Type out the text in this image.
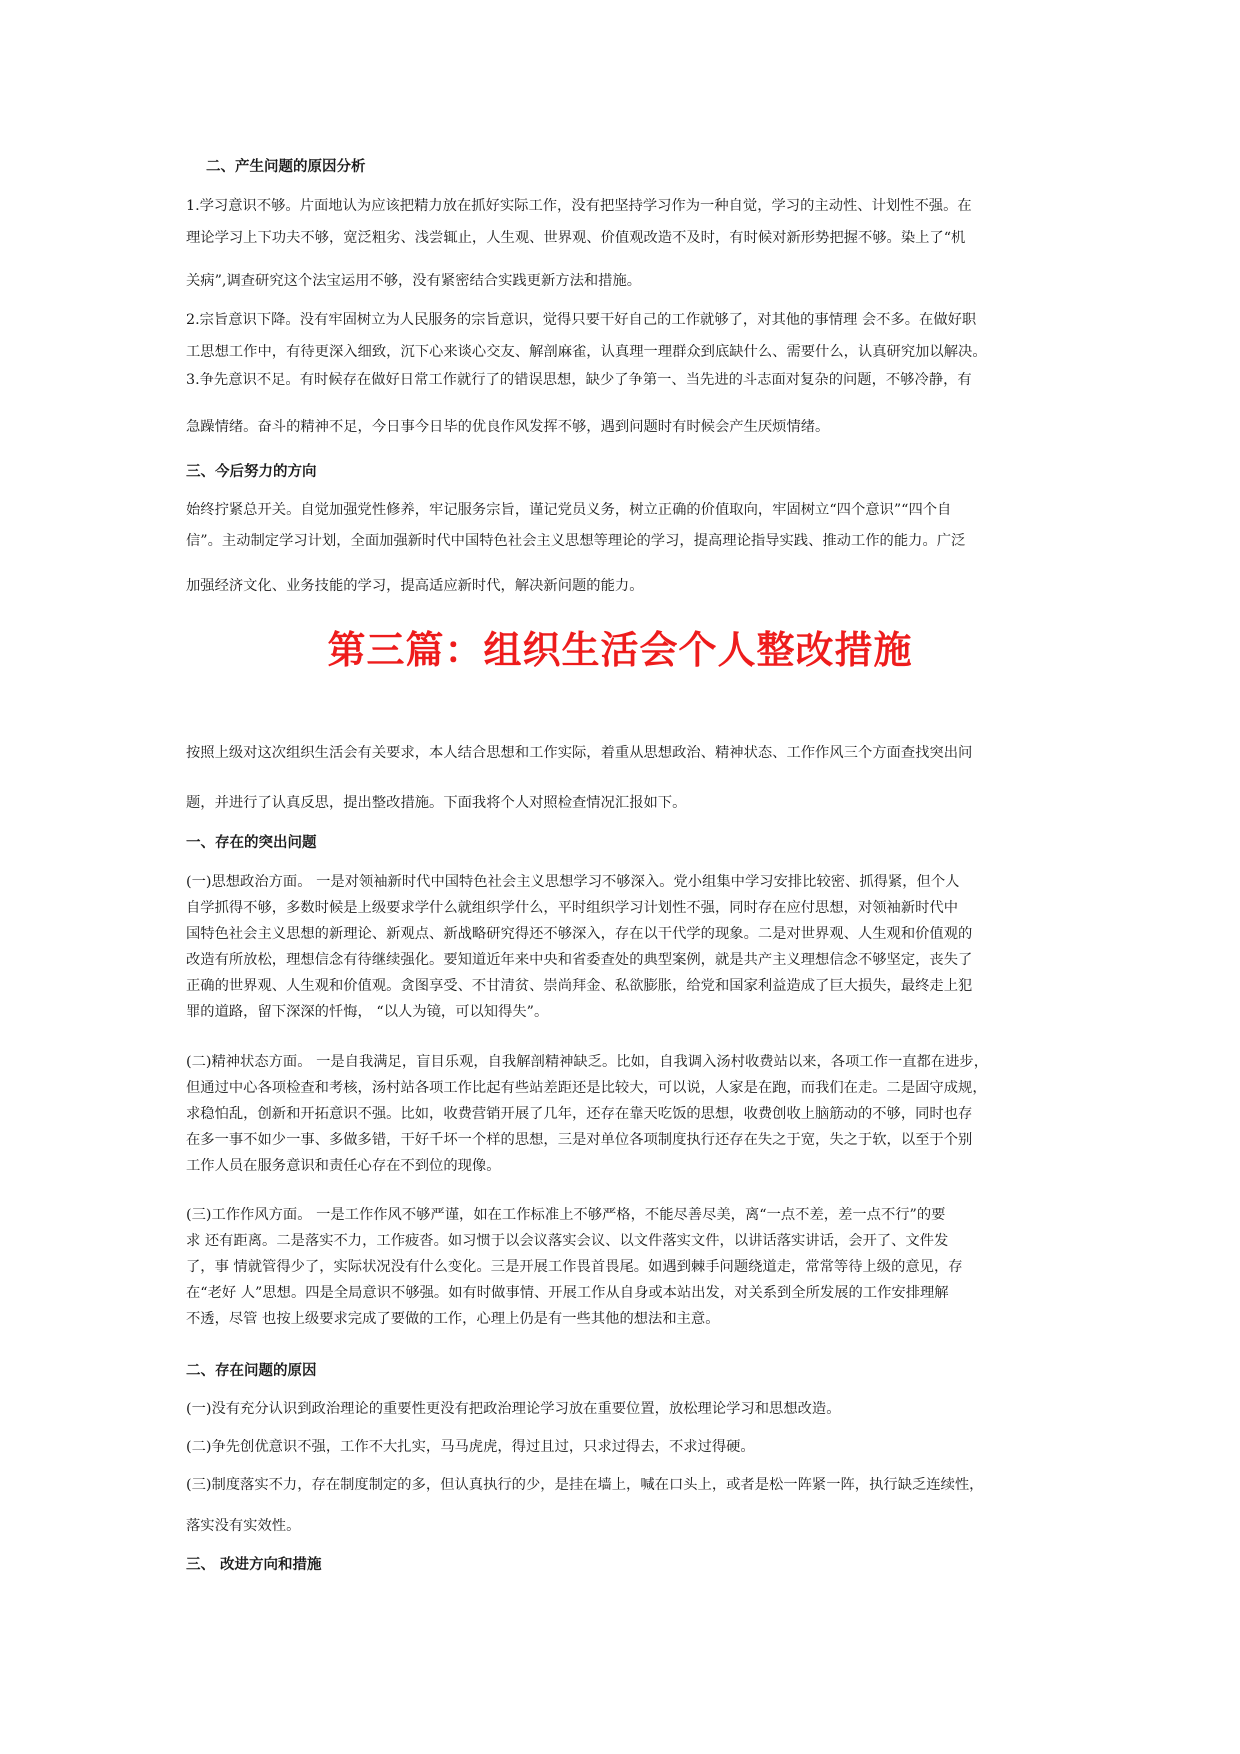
二、产生问题的原因分析
1.学习意识不够。片面地认为应该把精力放在抓好实际工作，没有把坚持学习作为一种自觉，学习的主动性、计划性不强。在
理论学习上下功夫不够，宽泛粗劣、浅尝辄止，人生观、世界观、价值观改造不及时，有时候对新形势把握不够。染上了“机
关病”,调查研究这个法宝运用不够，没有紧密结合实践更新方法和措施。
2.宗旨意识下降。没有牢固树立为人民服务的宗旨意识，觉得只要干好自己的工作就够了，对其他的事情理 会不多。在做好职
工思想工作中，有待更深入细致，沉下心来谈心交友、解剖麻雀，认真理一理群众到底缺什么、需要什么，认真研究加以解决。
3.争先意识不足。有时候存在做好日常工作就行了的错误思想，缺少了争第一、当先进的斗志面对复杂的问题，不够冷静，有
急躁情绪。奋斗的精神不足，今日事今日毕的优良作风发挥不够，遇到问题时有时候会产生厌烦情绪。
三、今后努力的方向
始终拧紧总开关。自觉加强党性修养，牢记服务宗旨，谨记党员义务，树立正确的价值取向，牢固树立“四个意识”“四个自
信”。主动制定学习计划，全面加强新时代中国特色社会主义思想等理论的学习，提高理论指导实践、推动工作的能力。广泛
加强经济文化、业务技能的学习，提高适应新时代，解决新问题的能力。
第三篇：组织生活会个人整改措施
按照上级对这次组织生活会有关要求，本人结合思想和工作实际，着重从思想政治、精神状态、工作作风三个方面查找突出问
题，并进行了认真反思，提出整改措施。下面我将个人对照检查情况汇报如下。
一、存在的突出问题
(一)思想政治方面。 一是对领袖新时代中国特色社会主义思想学习不够深入。党小组集中学习安排比较密、抓得紧，但个人
自学抓得不够，多数时候是上级要求学什么就组织学什么，平时组织学习计划性不强，同时存在应付思想，对领袖新时代中
国特色社会主义思想的新理论、新观点、新战略研究得还不够深入，存在以干代学的现象。二是对世界观、人生观和价值观的
改造有所放松，理想信念有待继续强化。要知道近年来中央和省委查处的典型案例，就是共产主义理想信念不够坚定，丧失了
正确的世界观、人生观和价值观。贪图享受、不甘清贫、崇尚拜金、私欲膨胀，给党和国家利益造成了巨大损失，最终走上犯
罪的道路，留下深深的忏悔， “以人为镜，可以知得失”。
(二)精神状态方面。 一是自我满足，盲目乐观，自我解剖精神缺乏。比如，自我调入汤村收费站以来，各项工作一直都在进步，
但通过中心各项检查和考核，汤村站各项工作比起有些站差距还是比较大，可以说，人家是在跑，而我们在走。二是固守成规，
求稳怕乱，创新和开拓意识不强。比如，收费营销开展了几年，还存在靠天吃饭的思想，收费创收上脑筋动的不够，同时也存
在多一事不如少一事、多做多错，干好千坏一个样的思想，三是对单位各项制度执行还存在失之于宽，失之于软，以至于个别
工作人员在服务意识和责任心存在不到位的现像。
(三)工作作风方面。 一是工作作风不够严谨，如在工作标准上不够严格，不能尽善尽美，离“一点不差，差一点不行”的要
求 还有距离。二是落实不力，工作疲沓。如习惯于以会议落实会议、以文件落实文件，以讲话落实讲话，会开了、文件发
了，事 情就管得少了，实际状况没有什么变化。三是开展工作畏首畏尾。如遇到棘手问题绕道走，常常等待上级的意见，存
在“老好 人”思想。四是全局意识不够强。如有时做事情、开展工作从自身或本站出发，对关系到全所发展的工作安排理解
不透，尽管 也按上级要求完成了要做的工作，心理上仍是有一些其他的想法和主意。
二、存在问题的原因
(一)没有充分认识到政治理论的重要性更没有把政治理论学习放在重要位置，放松理论学习和思想改造。
(二)争先创优意识不强，工作不大扎实，马马虎虎，得过且过，只求过得去，不求过得硬。
(三)制度落实不力，存在制度制定的多，但认真执行的少，是挂在墙上，喊在口头上，或者是松一阵紧一阵，执行缺乏连续性，
落实没有实效性。
三、 改进方向和措施
